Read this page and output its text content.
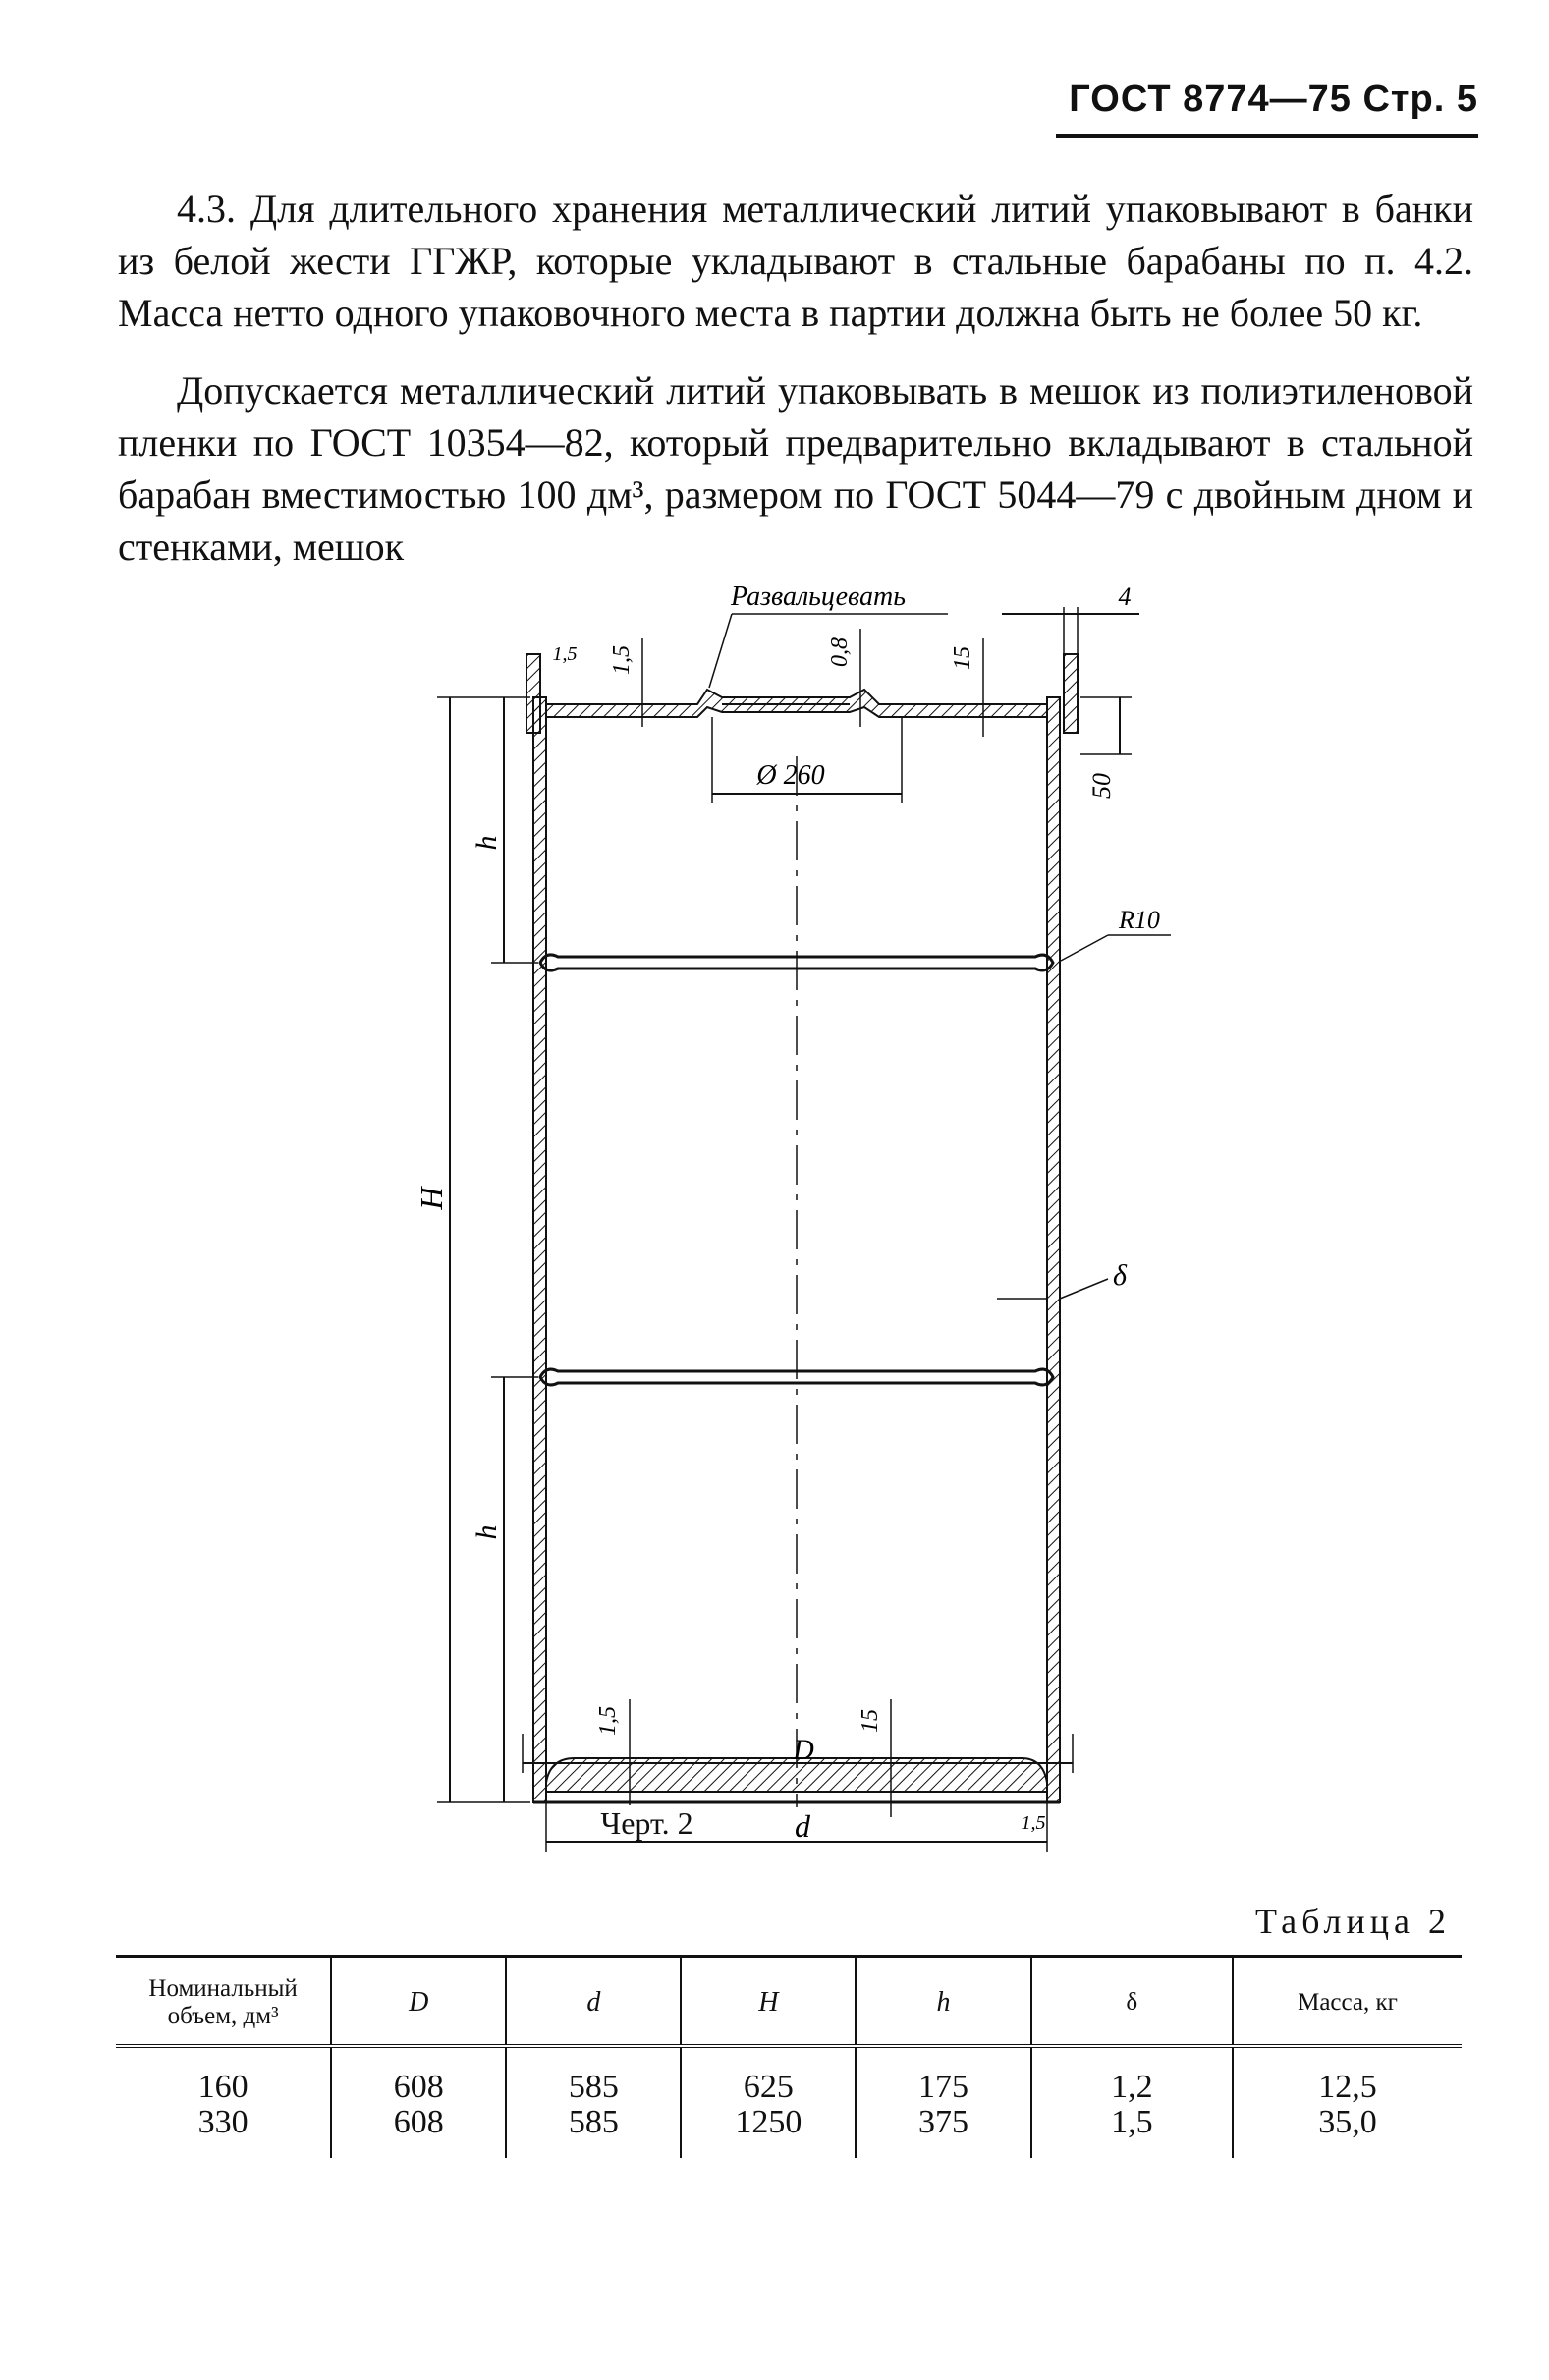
ГОСТ 8774—75 Стр. 5

4.3. Для длительного хранения металлический литий упаковывают в банки из белой жести ГГЖР, которые укладывают в стальные барабаны по п. 4.2. Масса нетто одного упаковочного места в партии должна быть не более 50 кг.

Допускается металлический литий упаковывать в мешок из полиэтиленовой пленки по ГОСТ 10354—82, который предварительно вкладывают в стальной барабан вместимостью 100 дм³, размером по ГОСТ 5044—79 с двойным дном и стенками, мешок

H
h
h
d
Ø 260	50
4
1,5	0,8	15
1,5
Развальцевать
R10
δ
1,5	15
1,5
D
Черт. 2
Таблица 2
Номинальный объем, дм³	D	d	H	h	δ	Масса, кг
160	608	585	625	175	1,2	12,5
330	608	585	1250	375	1,5	35,0
